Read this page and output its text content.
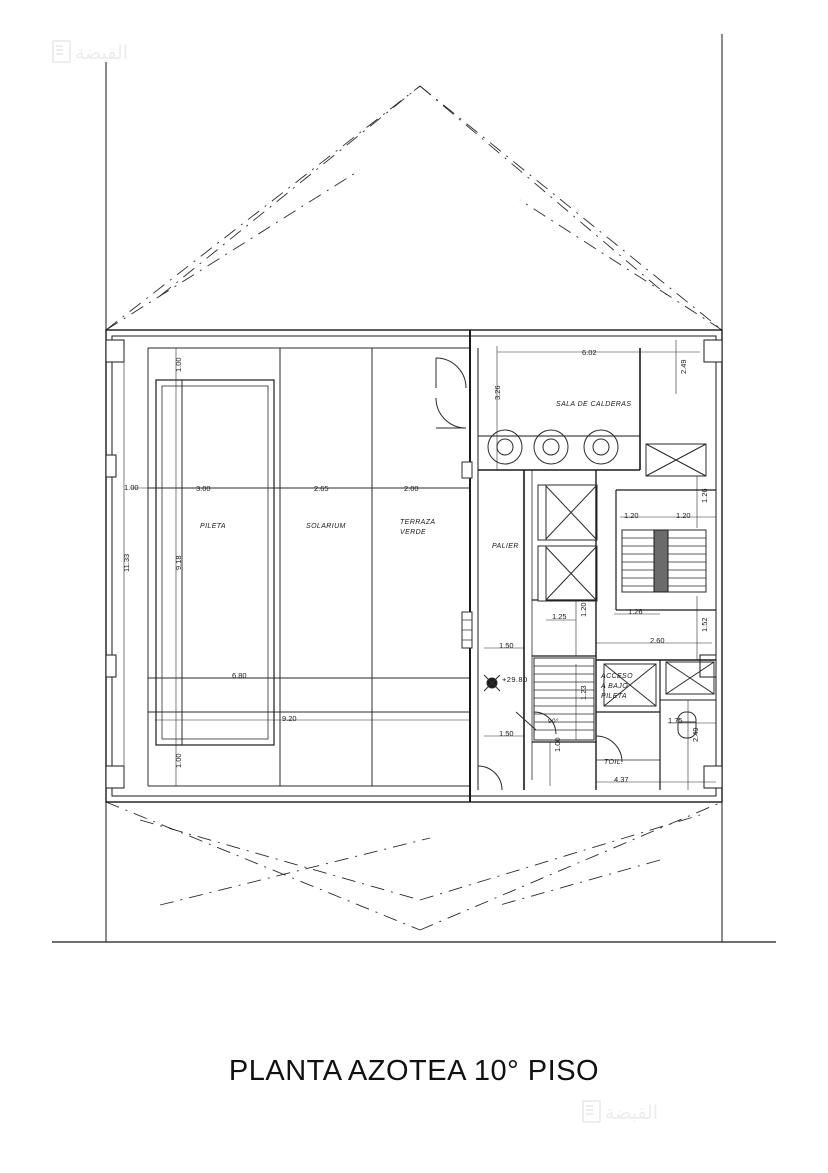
القبضة
القبضة
PILETA	SOLARIUM
TERRAZA
VERDE
PALIER
SALA DE CALDERAS
ACCESO
A BAJO
PILETA
TOIL.
90°
+29.80
6.02
3.00	2.65	2.00
1.20	1.20
6.80
9.20
1.25
1.26
2.60
1.50
1.50
1.75
4.37
1.00
1.00
11.33	9.18
1.00
3.26
2.49
1.26
1.52
1.20
1.23
1.00
2.49
PLANTA AZOTEA 10° PISO
